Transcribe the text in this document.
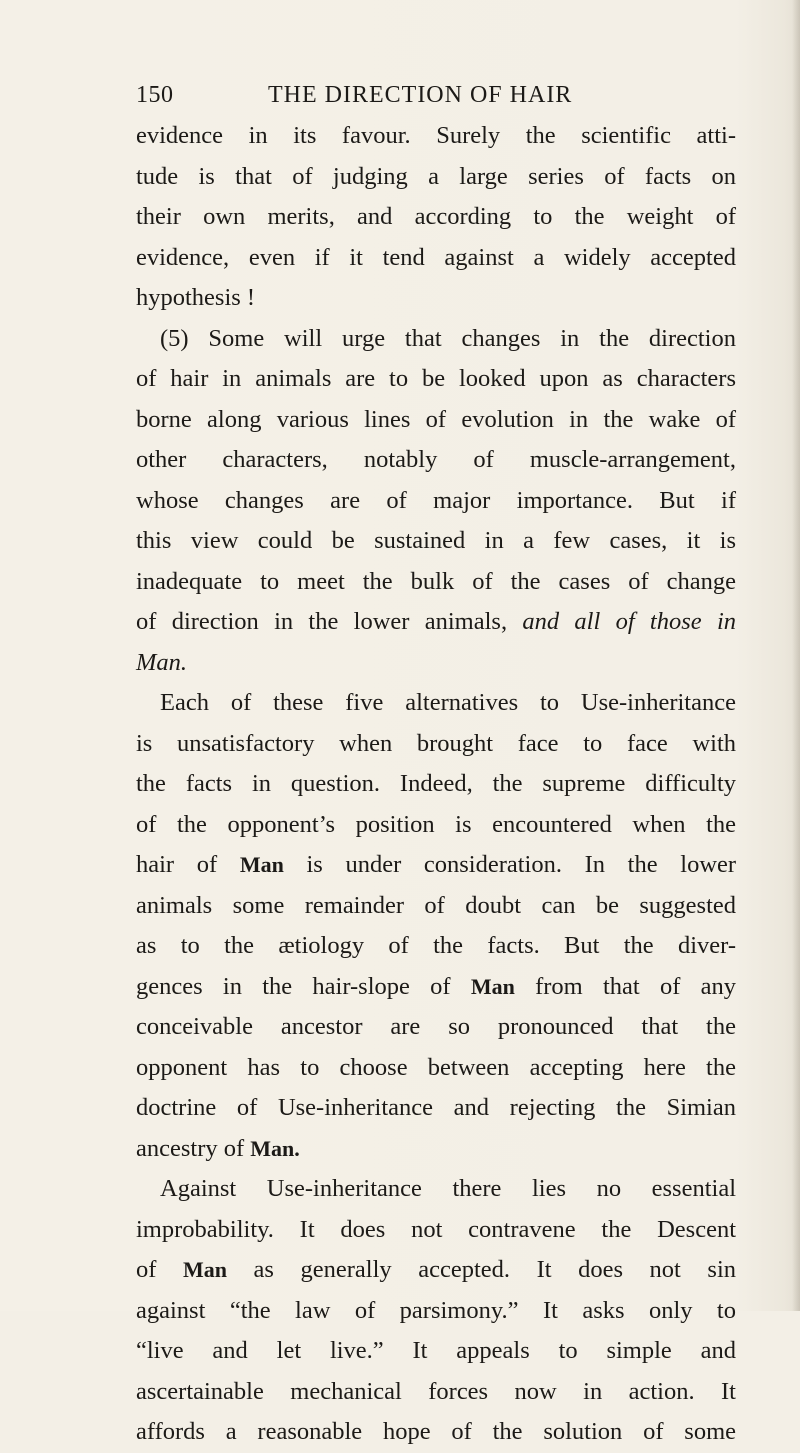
150	THE DIRECTION OF HAIR
evidence in its favour. Surely the scientific atti-
tude is that of judging a large series of facts on
their own merits, and according to the weight of
evidence, even if it tend against a widely accepted
hypothesis !
(5) Some will urge that changes in the direction
of hair in animals are to be looked upon as characters
borne along various lines of evolution in the wake of
other characters, notably of muscle-arrangement,
whose changes are of major importance. But if
this view could be sustained in a few cases, it is
inadequate to meet the bulk of the cases of change
of direction in the lower animals, and all of those in
Man.
Each of these five alternatives to Use-inheritance
is unsatisfactory when brought face to face with
the facts in question. Indeed, the supreme difficulty
of the opponent’s position is encountered when the
hair of Man is under consideration. In the lower
animals some remainder of doubt can be suggested
as to the ætiology of the facts. But the diver-
gences in the hair-slope of Man from that of any
conceivable ancestor are so pronounced that the
opponent has to choose between accepting here the
doctrine of Use-inheritance and rejecting the Simian
ancestry of Man.
Against Use-inheritance there lies no essential
improbability. It does not contravene the Descent
of Man as generally accepted. It does not sin
against “the law of parsimony.” It asks only to
“live and let live.” It appeals to simple and
ascertainable mechanical forces now in action. It
affords a reasonable hope of the solution of some
